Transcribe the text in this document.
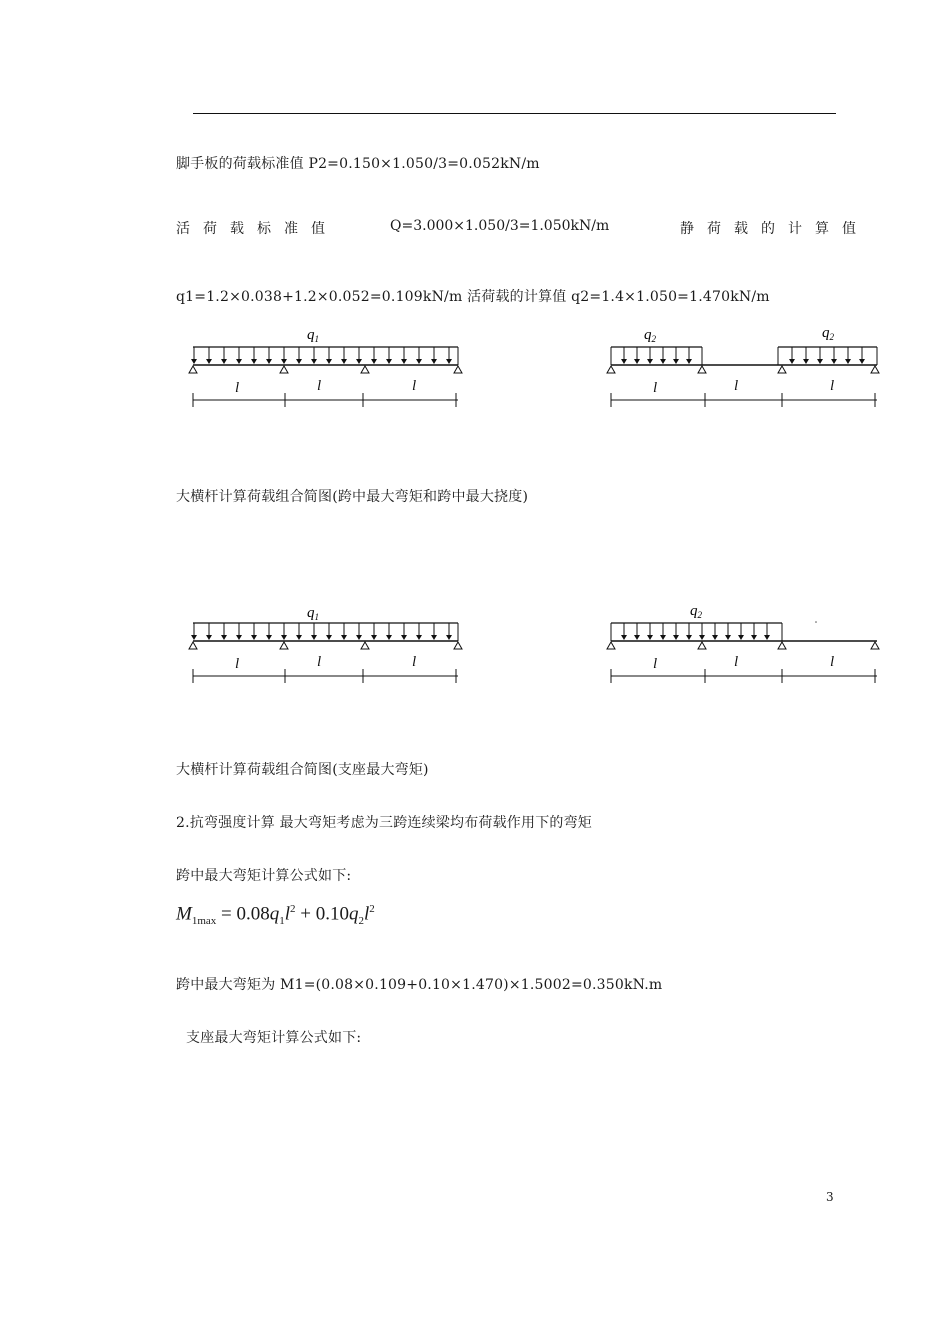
脚手板的荷载标准值 P2=0.150×1.050/3=0.052kN/m
活荷载标准值	Q=3.000×1.050/3=1.050kN/m	静荷载的计算值
q1=1.2×0.038+1.2×0.052=0.109kN/m 活荷载的计算值 q2=1.4×1.050=1.470kN/m
$q_1$
l	l	l
$q_2$	$q_2$
l	l	l
大横杆计算荷载组合简图(跨中最大弯矩和跨中最大挠度)
$q_1$
l	l	l
$q_2$
l	l	l
大横杆计算荷载组合简图(支座最大弯矩)
2.抗弯强度计算 最大弯矩考虑为三跨连续梁均布荷载作用下的弯矩
跨中最大弯矩计算公式如下:
$M_{1max} = 0.08q_1l^2 + 0.10q_2l^2$
跨中最大弯矩为 M1=(0.08×0.109+0.10×1.470)×1.5002=0.350kN.m
支座最大弯矩计算公式如下:
3
